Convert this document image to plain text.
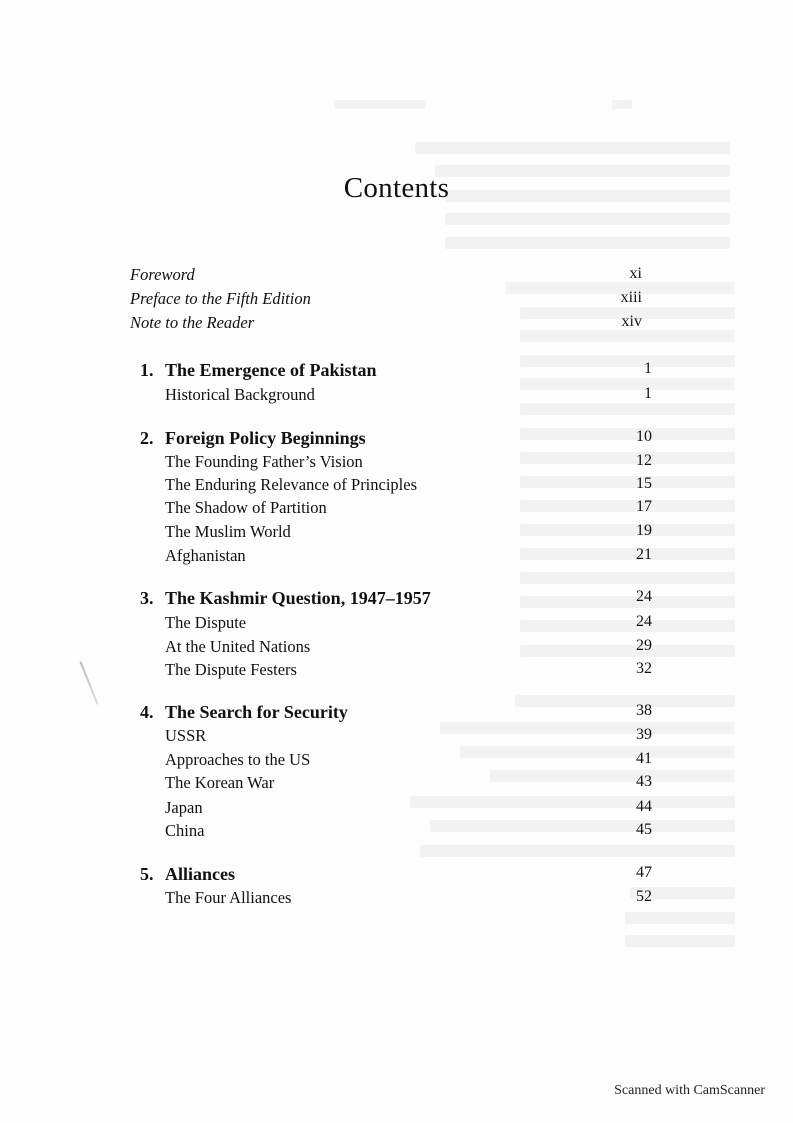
Contents
Foreword	xi
Preface to the Fifth Edition	xiii
Note to the Reader	xiv
1. The Emergence of Pakistan	1
Historical Background	1
2. Foreign Policy Beginnings	10
The Founding Father’s Vision	12
The Enduring Relevance of Principles	15
The Shadow of Partition	17
The Muslim World	19
Afghanistan	21
3. The Kashmir Question, 1947–1957	24
The Dispute	24
At the United Nations	29
The Dispute Festers	32
4. The Search for Security	38
USSR	39
Approaches to the US	41
The Korean War	43
Japan	44
China	45
5. Alliances	47
The Four Alliances	52
Scanned with CamScanner
